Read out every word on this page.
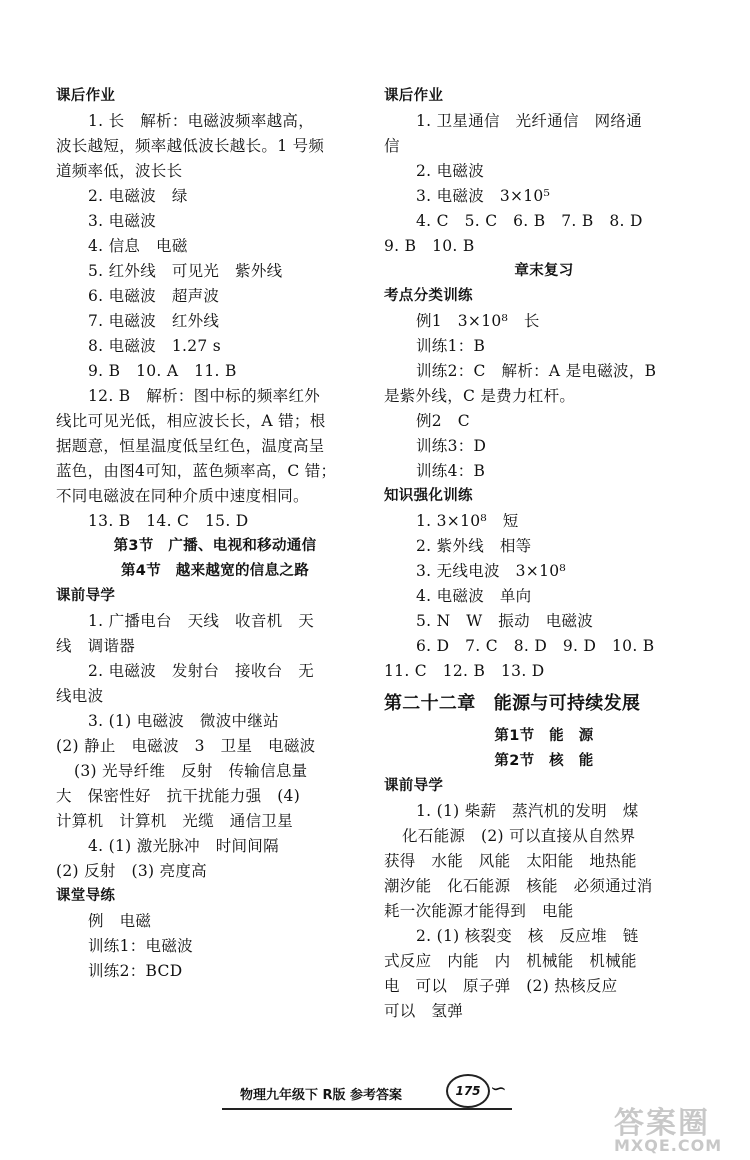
课后作业
1. 长　解析：电磁波频率越高，
波长越短，频率越低波长越长。1 号频
道频率低，波长长
2. 电磁波　绿
3. 电磁波
4. 信息　电磁
5. 红外线　可见光　紫外线
6. 电磁波　超声波
7. 电磁波　红外线
8. 电磁波　1.27 s
9. B　10. A　11. B
12. B　解析：图中标的频率红外
线比可见光低，相应波长长，A 错；根
据题意，恒星温度低呈红色，温度高呈
蓝色，由图4可知，蓝色频率高，C 错；
不同电磁波在同种介质中速度相同。
13. B　14. C　15. D
第3节　广播、电视和移动通信
第4节　越来越宽的信息之路
课前导学
1. 广播电台　天线　收音机　天
线　调谐器
2. 电磁波　发射台　接收台　无
线电波
3. (1) 电磁波　微波中继站
(2) 静止　电磁波　3　卫星　电磁波
(3) 光导纤维　反射　传输信息量
大　保密性好　抗干扰能力强　(4)
计算机　计算机　光缆　通信卫星
4. (1) 激光脉冲　时间间隔
(2) 反射　(3) 亮度高
课堂导练
例　电磁
训练1：电磁波
训练2：BCD
课后作业
1. 卫星通信　光纤通信　网络通
信
2. 电磁波
3. 电磁波　3×10⁵
4. C　5. C　6. B　7. B　8. D
9. B　10. B
章末复习
考点分类训练
例1　3×10⁸　长
训练1：B
训练2：C　解析：A 是电磁波，B
是紫外线，C 是费力杠杆。
例2　C
训练3：D
训练4：B
知识强化训练
1. 3×10⁸　短
2. 紫外线　相等
3. 无线电波　3×10⁸
4. 电磁波　单向
5. N　W　振动　电磁波
6. D　7. C　8. D　9. D　10. B
11. C　12. B　13. D
第二十二章　能源与可持续发展
第1节　能　源
第2节　核　能
课前导学
1. (1) 柴薪　蒸汽机的发明　煤
化石能源　(2) 可以直接从自然界
获得　水能　风能　太阳能　地热能
潮汐能　化石能源　核能　必须通过消
耗一次能源才能得到　电能
2. (1) 核裂变　核　反应堆　链
式反应　内能　内　机械能　机械能
电　可以　原子弹　(2) 热核反应
可以　氢弹
物理九年级下 R版 参考答案	175 ∽
答案圈
MXQE.COM
